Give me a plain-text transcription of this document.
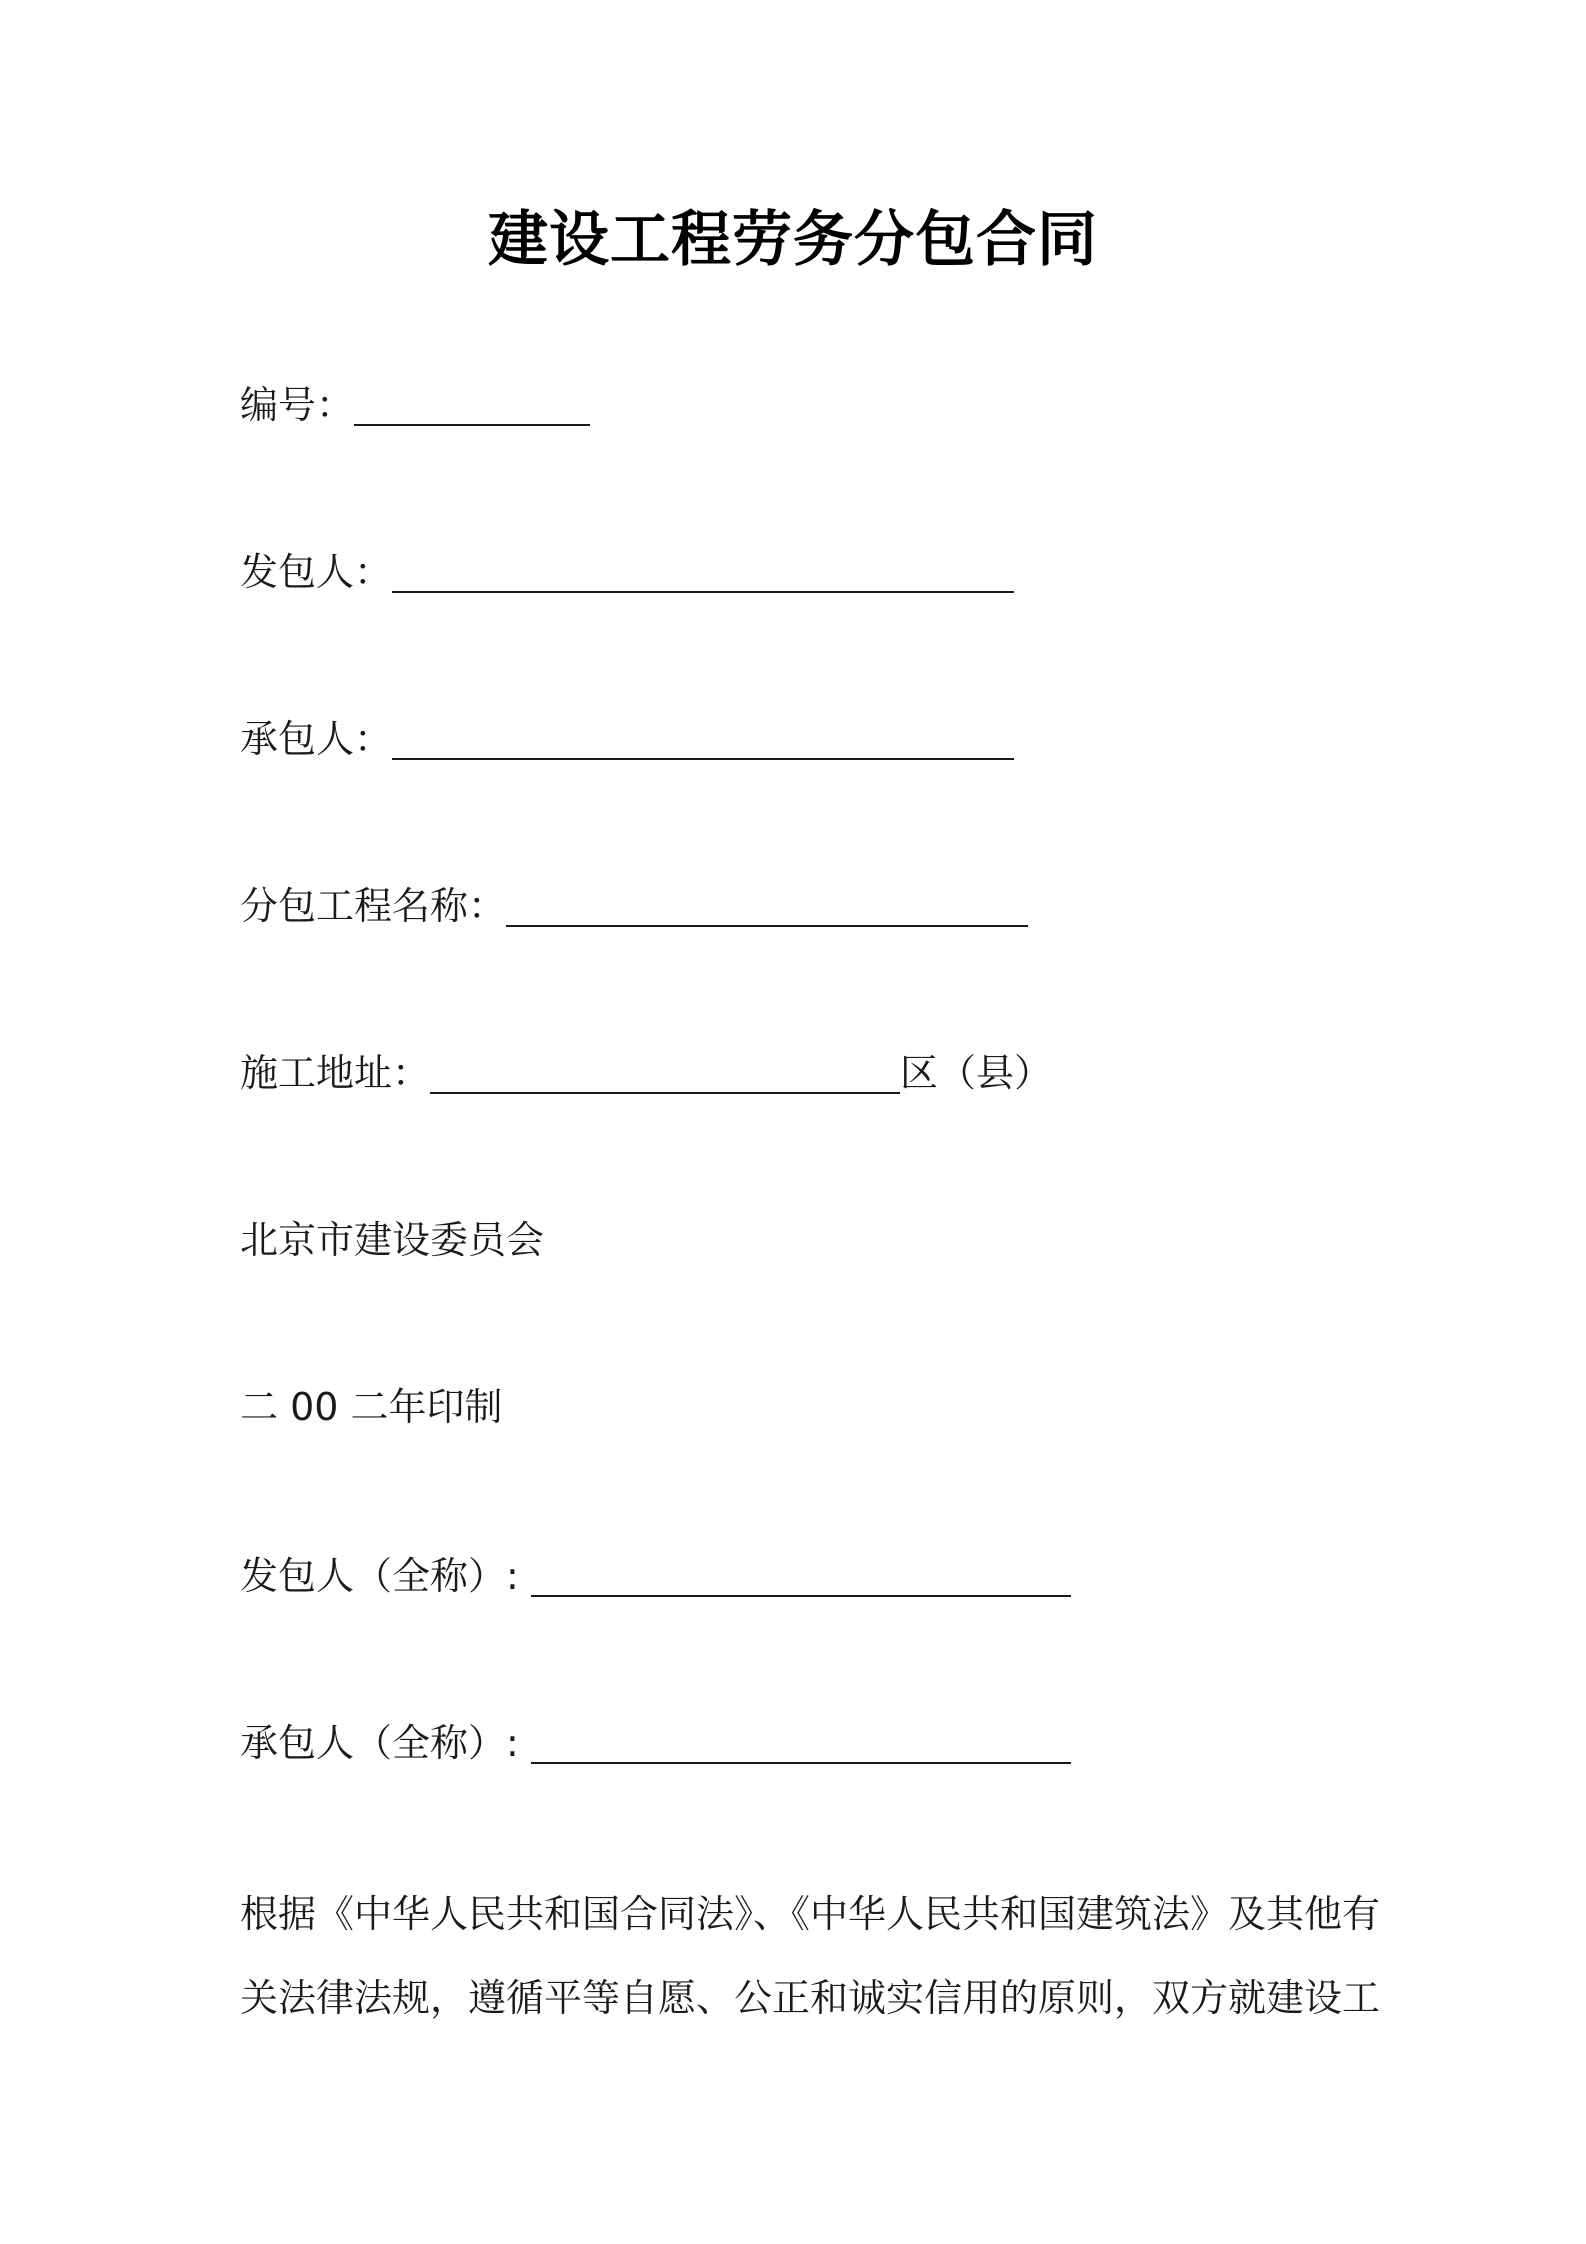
建设工程劳务分包合同
编号：
发包人：
承包人：
分包工程名称：
施工地址：	区（县）
北京市建设委员会
二 00 二年印制
发包人（全称）:
承包人（全称）:
根据《中华人民共和国合同法》、《中华人民共和国建筑法》及其他有
关法律法规，遵循平等自愿、公正和诚实信用的原则，双方就建设工
